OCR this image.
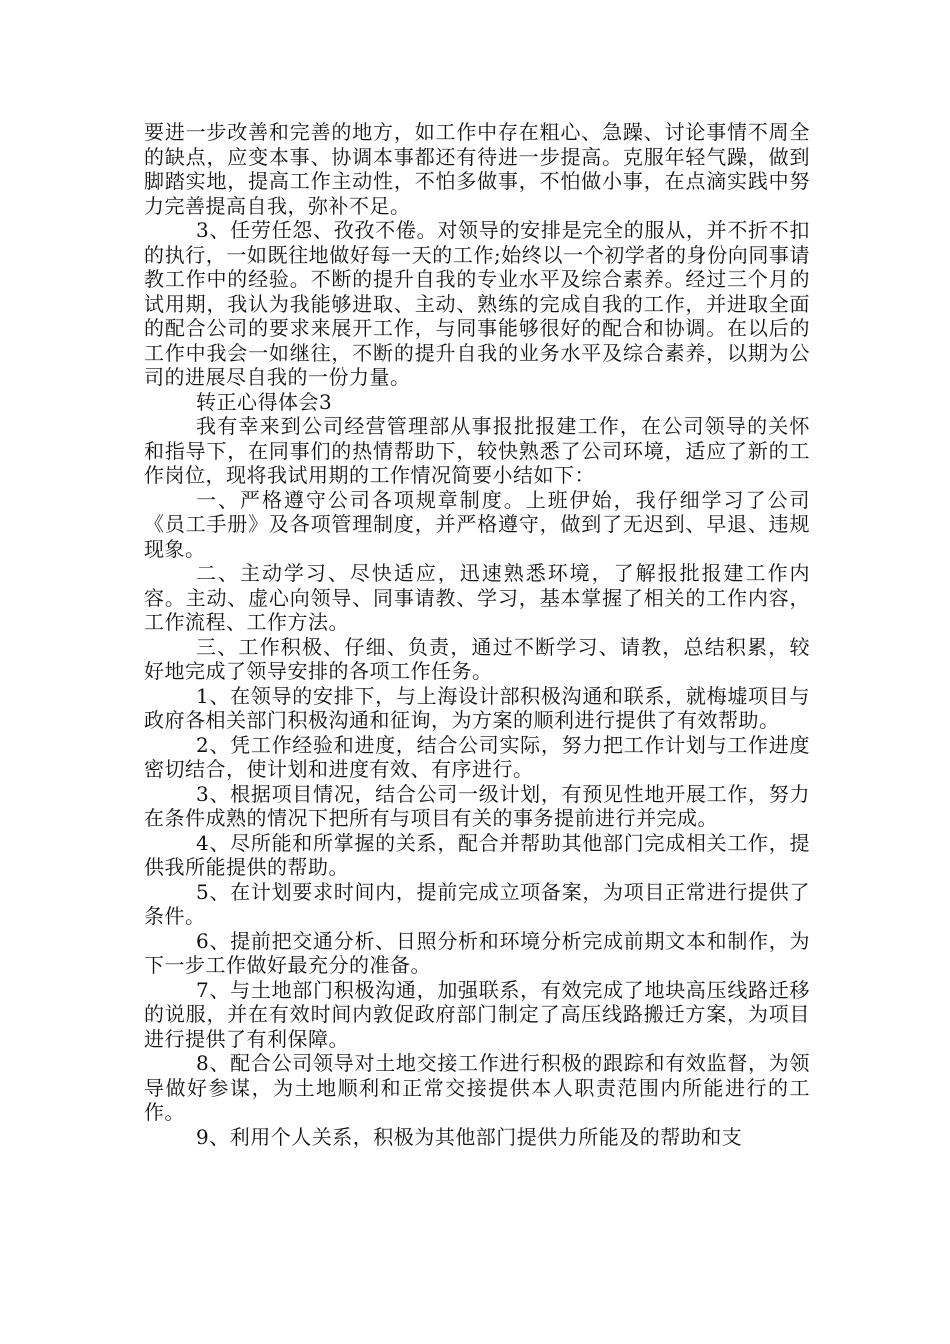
要进一步改善和完善的地方，如工作中存在粗心、急躁、讨论事情不周全的缺点，应变本事、协调本事都还有待进一步提高。克服年轻气躁，做到脚踏实地，提高工作主动性，不怕多做事，不怕做小事，在点滴实践中努力完善提高自我，弥补不足。

3、任劳任怨、孜孜不倦。对领导的安排是完全的服从，并不折不扣的执行，一如既往地做好每一天的工作;始终以一个初学者的身份向同事请教工作中的经验。不断的提升自我的专业水平及综合素养。经过三个月的试用期，我认为我能够进取、主动、熟练的完成自我的工作，并进取全面的配合公司的要求来展开工作，与同事能够很好的配合和协调。在以后的工作中我会一如继往，不断的提升自我的业务水平及综合素养，以期为公司的进展尽自我的一份力量。

转正心得体会3

我有幸来到公司经营管理部从事报批报建工作，在公司领导的关怀和指导下，在同事们的热情帮助下，较快熟悉了公司环境，适应了新的工作岗位，现将我试用期的工作情况简要小结如下：

一、严格遵守公司各项规章制度。上班伊始，我仔细学习了公司《员工手册》及各项管理制度，并严格遵守，做到了无迟到、早退、违规现象。

二、主动学习、尽快适应，迅速熟悉环境，了解报批报建工作内容。主动、虚心向领导、同事请教、学习，基本掌握了相关的工作内容，工作流程、工作方法。

三、工作积极、仔细、负责，通过不断学习、请教，总结积累，较好地完成了领导安排的各项工作任务。

1、在领导的安排下，与上海设计部积极沟通和联系，就梅墟项目与政府各相关部门积极沟通和征询，为方案的顺利进行提供了有效帮助。

2、凭工作经验和进度，结合公司实际，努力把工作计划与工作进度密切结合，使计划和进度有效、有序进行。

3、根据项目情况，结合公司一级计划，有预见性地开展工作，努力在条件成熟的情况下把所有与项目有关的事务提前进行并完成。

4、尽所能和所掌握的关系，配合并帮助其他部门完成相关工作，提供我所能提供的帮助。

5、在计划要求时间内，提前完成立项备案，为项目正常进行提供了条件。

6、提前把交通分析、日照分析和环境分析完成前期文本和制作，为下一步工作做好最充分的准备。

7、与土地部门积极沟通，加强联系，有效完成了地块高压线路迁移的说服，并在有效时间内敦促政府部门制定了高压线路搬迁方案，为项目进行提供了有利保障。

8、配合公司领导对土地交接工作进行积极的跟踪和有效监督，为领导做好参谋，为土地顺利和正常交接提供本人职责范围内所能进行的工作。

9、利用个人关系，积极为其他部门提供力所能及的帮助和支
